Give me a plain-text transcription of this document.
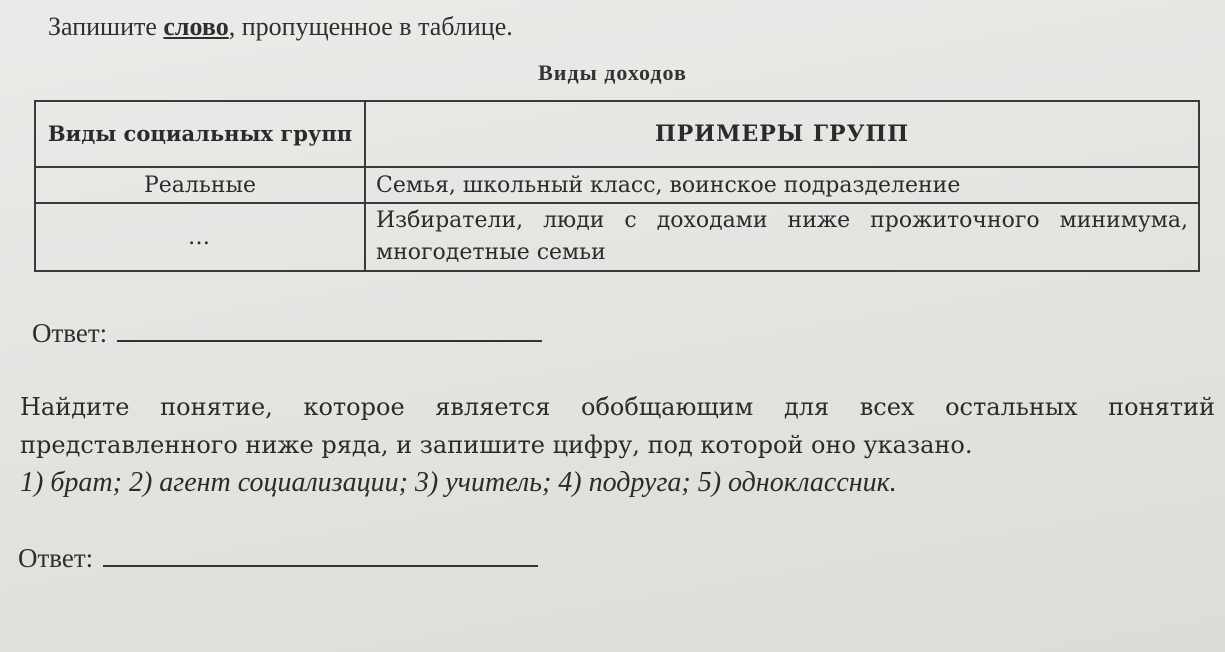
Запишите слово, пропущенное в таблице.
Виды доходов
Виды социальных групп	ПРИМЕРЫ ГРУПП
Реальные	Семья, школьный класс, воинское подразделение
…	Избиратели, люди с доходами ниже прожиточного минимума, многодетные семьи
Ответ:
Найдите понятие, которое является обобщающим для всех остальных понятий
представленного ниже ряда, и запишите цифру, под которой оно указано.
1) брат; 2) агент социализации; 3) учитель; 4) подруга; 5) одноклассник.
Ответ:
